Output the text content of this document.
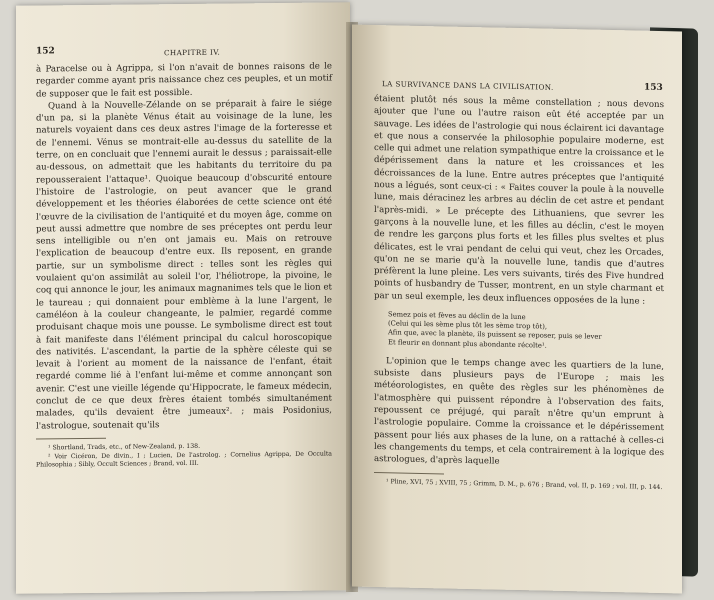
152	CHAPITRE IV.

à Paracelse ou à Agrippa, si l'on n'avait de bonnes raisons de le regarder comme ayant pris naissance chez ces peuples, et un motif de supposer que le fait est possible.

Quand à la Nouvelle-Zélande on se préparait à faire le siége d'un pa, si la planète Vénus était au voisinage de la lune, les naturels voyaient dans ces deux astres l'image de la forteresse et de l'ennemi. Vénus se montrait-elle au-dessus du satellite de la terre, on en concluait que l'ennemi aurait le dessus ; paraissait-elle au-dessous, on admettait que les habitants du territoire du pa repousseraient l'attaque¹. Quoique beaucoup d'obscurité entoure l'histoire de l'astrologie, on peut avancer que le grand développement et les théories élaborées de cette science ont été l'œuvre de la civilisation de l'antiquité et du moyen âge, comme on peut aussi admettre que nombre de ses préceptes ont perdu leur sens intelligible ou n'en ont jamais eu. Mais on retrouve l'explication de beaucoup d'entre eux. Ils reposent, en grande partie, sur un symbolisme direct : telles sont les règles qui voulaient qu'on assimilât au soleil l'or, l'héliotrope, la pivoine, le coq qui annonce le jour, les animaux magnanimes tels que le lion et le taureau ; qui donnaient pour emblème à la lune l'argent, le caméléon à la couleur changeante, le palmier, regardé comme produisant chaque mois une pousse. Le symbolisme direct est tout à fait manifeste dans l'élément principal du calcul horoscopique des nativités. L'ascendant, la partie de la sphère céleste qui se levait à l'orient au moment de la naissance de l'enfant, était regardé comme lié à l'enfant lui-même et comme annonçant son avenir. C'est une vieille légende qu'Hippocrate, le fameux médecin, conclut de ce que deux frères étaient tombés simultanément malades, qu'ils devaient être jumeaux². ; mais Posidonius, l'astrologue, soutenait qu'ils

¹ Shortland, Trads, etc., of New-Zealand, p. 138.

² Voir Cicéron, De divin., I ; Lucien, De l'astrolog. ; Cornelius Agrippa, De Occulta Philosophia ; Sibly, Occult Sciences ; Brand, vol. III.

LA SURVIVANCE DANS LA CIVILISATION.	153

étaient plutôt nés sous la même constellation ; nous devons ajouter que l'une ou l'autre raison eût été acceptée par un sauvage. Les idées de l'astrologie qui nous éclairent ici davantage et que nous a conservée la philosophie populaire moderne, est celle qui admet une relation sympathique entre la croissance et le dépérissement dans la nature et les croissances et les décroissances de la lune. Entre autres préceptes que l'antiquité nous a légués, sont ceux-ci : « Faites couver la poule à la nouvelle lune, mais déracinez les arbres au déclin de cet astre et pendant l'après-midi. » Le précepte des Lithuaniens, que sevrer les garçons à la nouvelle lune, et les filles au déclin, c'est le moyen de rendre les garçons plus forts et les filles plus sveltes et plus délicates, est le vrai pendant de celui qui veut, chez les Orcades, qu'on ne se marie qu'à la nouvelle lune, tandis que d'autres préfèrent la lune pleine. Les vers suivants, tirés des Five hundred points of husbandry de Tusser, montrent, en un style charmant et par un seul exemple, les deux influences opposées de la lune :

Semez pois et fèves au déclin de la lune
(Celui qui les sème plus tôt les sème trop tôt),
Afin que, avec la planète, ils puissent se reposer, puis se lever
Et fleurir en donnant plus abondante récolte¹.

L'opinion que le temps change avec les quartiers de la lune, subsiste dans plusieurs pays de l'Europe ; mais les météorologistes, en quête des règles sur les phénomènes de l'atmosphère qui puissent répondre à l'observation des faits, repoussent ce préjugé, qui paraît n'être qu'un emprunt à l'astrologie populaire. Comme la croissance et le dépérissement passent pour liés aux phases de la lune, on a rattaché à celles-ci les changements du temps, et cela contrairement à la logique des astrologues, d'après laquelle

¹ Pline, XVI, 75 ; XVIII, 75 ; Grimm, D. M., p. 676 ; Brand, vol. II, p. 169 ; vol. III, p. 144.
